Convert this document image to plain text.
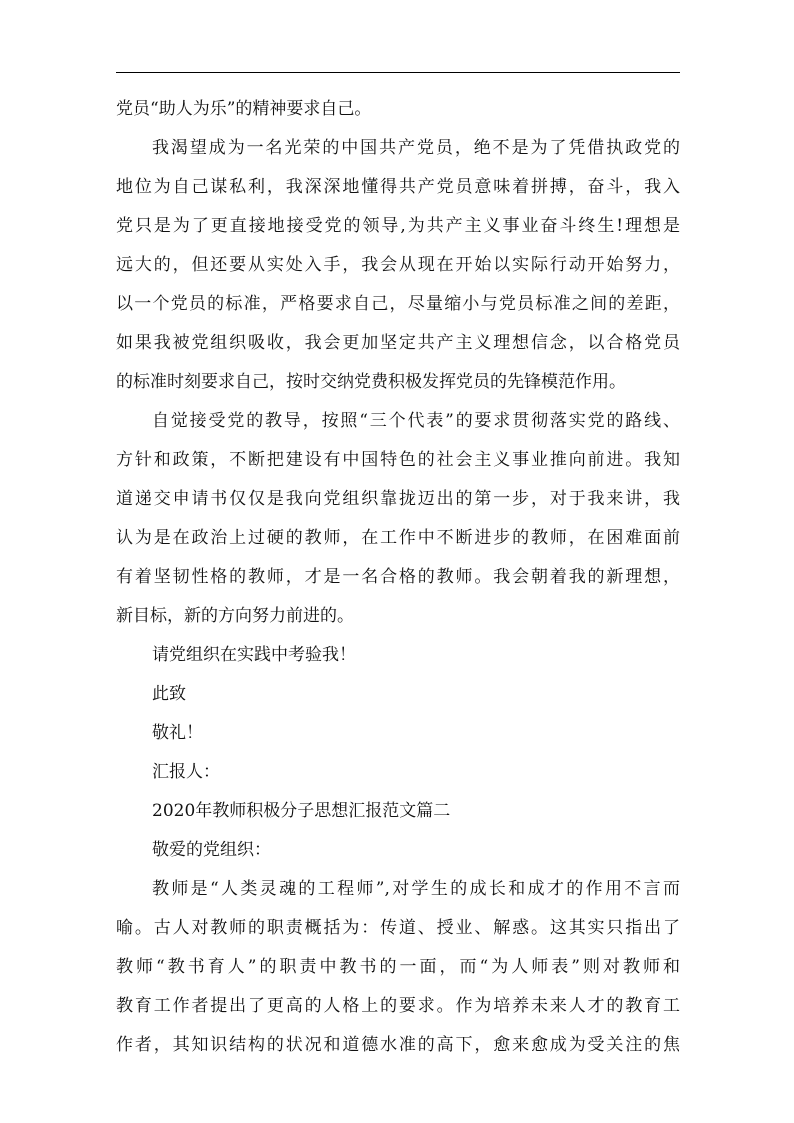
党员“助人为乐”的精神要求自己。
我渴望成为一名光荣的中国共产党员，绝不是为了凭借执政党的
地位为自己谋私利，我深深地懂得共产党员意味着拼搏，奋斗，我入
党只是为了更直接地接受党的领导,为共产主义事业奋斗终生!理想是
远大的，但还要从实处入手，我会从现在开始以实际行动开始努力，
以一个党员的标准，严格要求自己，尽量缩小与党员标准之间的差距，
如果我被党组织吸收，我会更加坚定共产主义理想信念，以合格党员
的标准时刻要求自己，按时交纳党费积极发挥党员的先锋模范作用。
自觉接受党的教导，按照“三个代表”的要求贯彻落实党的路线、
方针和政策，不断把建设有中国特色的社会主义事业推向前进。我知
道递交申请书仅仅是我向党组织靠拢迈出的第一步，对于我来讲，我
认为是在政治上过硬的教师，在工作中不断进步的教师，在困难面前
有着坚韧性格的教师，才是一名合格的教师。我会朝着我的新理想，
新目标，新的方向努力前进的。
请党组织在实践中考验我！
此致
敬礼！
汇报人：
2020年教师积极分子思想汇报范文篇二
敬爱的党组织：
教师是“人类灵魂的工程师”,对学生的成长和成才的作用不言而
喻。古人对教师的职责概括为：传道、授业、解惑。这其实只指出了
教师“教书育人”的职责中教书的一面，而“为人师表”则对教师和
教育工作者提出了更高的人格上的要求。作为培养未来人才的教育工
作者，其知识结构的状况和道德水准的高下，愈来愈成为受关注的焦
